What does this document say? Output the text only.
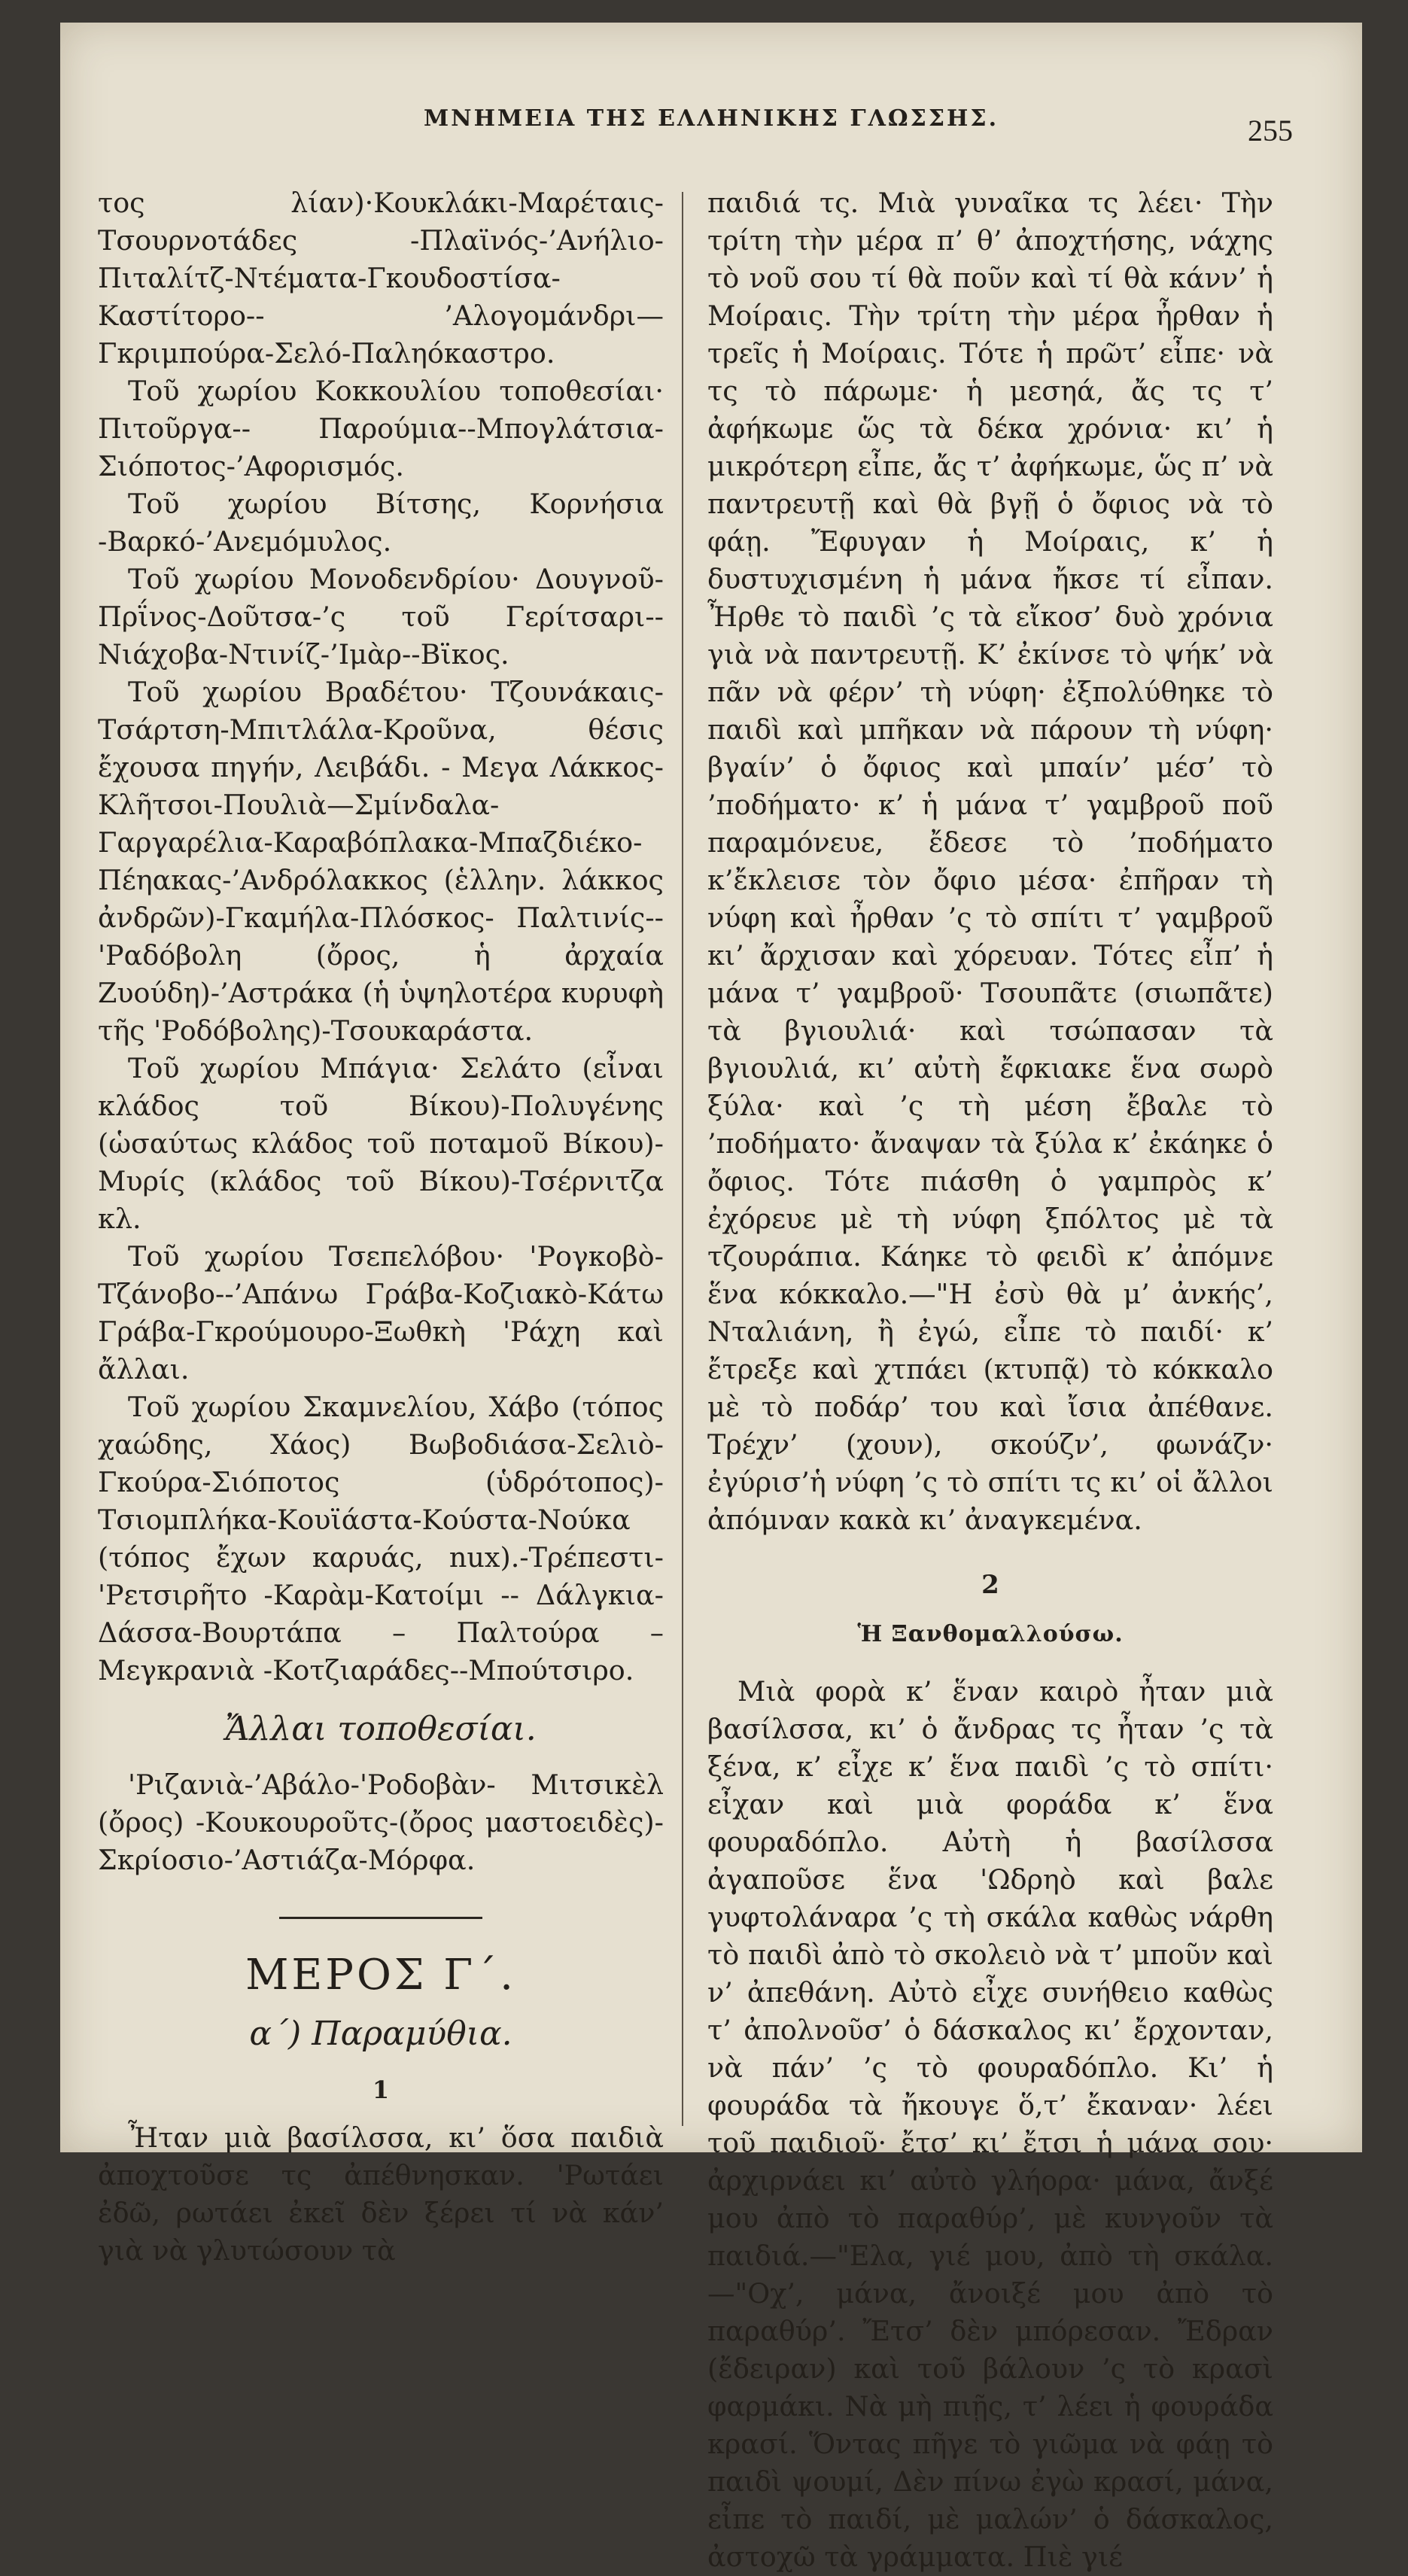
ΜΝΗΜΕΙΑ ΤΗΣ ΕΛΛΗΝΙΚΗΣ ΓΛΩΣΣΗΣ.	255

τος λίαν)·Κουκλάκι-Μαρέταις-Τσουρνοτάδες -Πλαϊνός-’Ανήλιο-Πιταλίτζ-Ντέματα-Γκουδοστίσα-Καστίτορο-- ’Αλογομάνδρι— Γκριμπούρα-Σελό-Παληόκαστρο.

Τοῦ χωρίου Κοκκουλίου τοποθεσίαι· Πιτοῦργα-- Παρούμια--Μπογλάτσια-Σιόποτος-’Αφορισμός.

Τοῦ χωρίου Βίτσης, Κορνήσια -Βαρκό-’Ανεμόμυλος.

Τοῦ χωρίου Μονοδενδρίου· Δουγνοῦ-Πρΐνος-Δοῦτσα-’ς τοῦ Γερίτσαρι--Νιάχοβα-Ντινίζ-’Ιμὰρ--Βϊκος.

Τοῦ χωρίου Βραδέτου· Τζουνάκαις-Τσάρτση-Μπιτλάλα-Κροῦνα, θέσις ἔχουσα πηγήν, Λειβάδι. - Μεγα Λάκκος-Κλῆτσοι-Πουλιὰ—Σμίνδαλα-Γαργαρέλια-Καραβόπλακα-Μπαζδιέκο-Πέηακας-’Ανδρόλακκος (ἑλλην. λάκκος ἀνδρῶν)-Γκαμήλα-Πλόσκος- Παλτινίς-- 'Ραδόβολη (ὄρος, ἡ ἀρχαία Ζυούδη)-’Αστράκα (ἡ ὑψηλοτέρα κυρυφὴ τῆς 'Ροδόβολης)-Τσουκαράστα.

Τοῦ χωρίου Μπάγια· Σελάτο (εἶναι κλάδος τοῦ Βίκου)-Πολυγένης (ὡσαύτως κλάδος τοῦ ποταμοῦ Βίκου)-Μυρίς (κλάδος τοῦ Βίκου)-Τσέρνιτζα κλ.

Τοῦ χωρίου Τσεπελόβου· 'Ρογκοβὸ-Τζάνοβο--’Απάνω Γράβα-Κοζιακὸ-Κάτω Γράβα-Γκρούμουρο-Ξωθκὴ 'Ράχη καὶ ἄλλαι.

Τοῦ χωρίου Σκαμνελίου, Χάβο (τόπος χαώδης, Χάος) Βωβοδιάσα-Σελιὸ-Γκούρα-Σιόποτος (ὑδρότοπος)-Τσιομπλήκα-Κουϊάστα-Κούστα-Νούκα (τόπος ἔχων καρυάς, nux).-Τρέπεστι-'Ρετσιρῆτο -Καρὰμ-Κατοίμι -- Δάλγκια-Δάσσα-Βουρτάπα – Παλτούρα – Μεγκρανιὰ -Κοτζιαράδες--Μπούτσιρο.

Ἄλλαι τοποθεσίαι.

'Ριζανιὰ-’Αβάλο-'Ροδοβὰν- Μιτσικὲλ (ὄρος) -Κουκουροῦτς-(ὄρος μαστοειδὲς)-Σκρίοσιο-’Αστιάζα-Μόρφα.

ΜΕΡΟΣ Γ΄.
α΄) Παραμύθια.
1

Ἦταν μιὰ βασίλσσα, κι’ ὅσα παιδιὰ ἀποχτοῦσε τς ἀπέθνησκαν. 'Ρωτάει ἐδῶ, ρωτάει ἐκεῖ δὲν ξέρει τί νὰ κάν’ γιὰ νὰ γλυτώσουν τὰ

παιδιά τς. Μιὰ γυναῖκα τς λέει· Τὴν τρίτη τὴν μέρα π’ θ’ ἀποχτήσης, νάχης τὸ νοῦ σου τί θὰ ποῦν καὶ τί θὰ κάνν’ ἡ Μοίραις. Τὴν τρίτη τὴν μέρα ἦρθαν ἡ τρεῖς ἡ Μοίραις. Τότε ἡ πρῶτ’ εἶπε· νὰ τς τὸ πάρωμε· ἡ μεσηά, ἄς τς τ’ ἀφήκωμε ὥς τὰ δέκα χρόνια· κι’ ἡ μικρότερη εἶπε, ἄς τ’ ἀφήκωμε, ὥς π’ νὰ παντρευτῇ καὶ θὰ βγῇ ὁ ὄφιος νὰ τὸ φάῃ. Ἔφυγαν ἡ Μοίραις, κ’ ἡ δυστυχισμένη ἡ μάνα ἤκσε τί εἶπαν. Ἦρθε τὸ παιδὶ ’ς τὰ εἴκοσ’ δυὸ χρόνια γιὰ νὰ παντρευτῇ. Κ’ ἐκίνσε τὸ ψήκ’ νὰ πᾶν νὰ φέρν’ τὴ νύφη· ἐξπολύθηκε τὸ παιδὶ καὶ μπῆκαν νὰ πάρουν τὴ νύφη· βγαίν’ ὁ ὄφιος καὶ μπαίν’ μέσ’ τὸ ’ποδήματο· κ’ ἡ μάνα τ’ γαμβροῦ ποῦ παραμόνευε, ἔδεσε τὸ ’ποδήματο κ’ἔκλεισε τὸν ὄφιο μέσα· ἐπῆραν τὴ νύφη καὶ ἦρθαν ’ς τὸ σπίτι τ’ γαμβροῦ κι’ ἄρχισαν καὶ χόρευαν. Τότες εἶπ’ ἡ μάνα τ’ γαμβροῦ· Τσουπᾶτε (σιωπᾶτε) τὰ βγιουλιά· καὶ τσώπασαν τὰ βγιουλιά, κι’ αὐτὴ ἔφκιακε ἕνα σωρὸ ξύλα· καὶ ’ς τὴ μέση ἔβαλε τὸ ’ποδήματο· ἄναψαν τὰ ξύλα κ’ ἐκάηκε ὁ ὄφιος. Τότε πιάσθη ὁ γαμπρὸς κ’ ἐχόρευε μὲ τὴ νύφη ξπόλτος μὲ τὰ τζουράπια. Κάηκε τὸ φειδὶ κ’ ἀπόμνε ἕνα κόκκαλο.—"Η ἐσὺ θὰ μ’ ἀνκής’, Νταλιάνη, ἢ ἐγώ, εἶπε τὸ παιδί· κ’ ἔτρεξε καὶ χτπάει (κτυπᾷ) τὸ κόκκαλο μὲ τὸ ποδάρ’ του καὶ ἴσια ἀπέθανε. Τρέχν’ (χουν), σκούζν’, φωνάζν· ἐγύρισ’ἡ νύφη ’ς τὸ σπίτι τς κι’ οἱ ἄλλοι ἀπόμναν κακὰ κι’ ἀναγκεμένα.

2
Ἡ Ξανθομαλλούσω.

Μιὰ φορὰ κ’ ἕναν καιρὸ ἦταν μιὰ βασίλσσα, κι’ ὁ ἄνδρας τς ἦταν ’ς τὰ ξένα, κ’ εἶχε κ’ ἕνα παιδὶ ’ς τὸ σπίτι· εἶχαν καὶ μιὰ φοράδα κ’ ἕνα φουραδόπλο. Αὐτὴ ἡ βασίλσσα ἀγαποῦσε ἕνα 'Ωδρηὸ καὶ βαλε γυφτολάναρα ’ς τὴ σκάλα καθὼς νάρθη τὸ παιδὶ ἀπὸ τὸ σκολειὸ νὰ τ’ μποῦν καὶ ν’ ἀπεθάνη. Αὐτὸ εἶχε συνήθειο καθὼς τ’ ἀπολνοῦσ’ ὁ δάσκαλος κι’ ἔρχονταν, νὰ πάν’ ’ς τὸ φουραδόπλο. Κι’ ἡ φουράδα τὰ ἤκουγε ὅ,τ’ ἔκαναν· λέει τοῦ παιδιοῦ· ἔτσ’ κι’ ἔτσι ἡ μάνα σου· ἀρχιρνάει κι’ αὐτὸ γλήορα· μάνα, ἄνξέ μου ἀπὸ τὸ παραθύρ’, μὲ κυνγοῦν τὰ παιδιά.—"Ελα, γιέ μου, ἀπὸ τὴ σκάλα.—"Οχ’, μάνα, ἄνοιξέ μου ἀπὸ τὸ παραθύρ’. Ἔτσ’ δὲν μπόρεσαν. Ἔδραν (ἔδειραν) καὶ τοῦ βάλουν ’ς τὸ κρασὶ φαρμάκι. Νὰ μὴ πιῇς, τ’ λέει ἡ φουράδα κρασί. Ὅντας πῆγε τὸ γιῶμα νὰ φάῃ τὸ παιδὶ ψουμί, Δὲν πίνω ἐγὼ κρασί, μάνα, εἶπε τὸ παιδί, μὲ μαλών’ ὁ δάσκαλος, ἀστοχῶ τὰ γράμματα. Πιὲ γιέ
